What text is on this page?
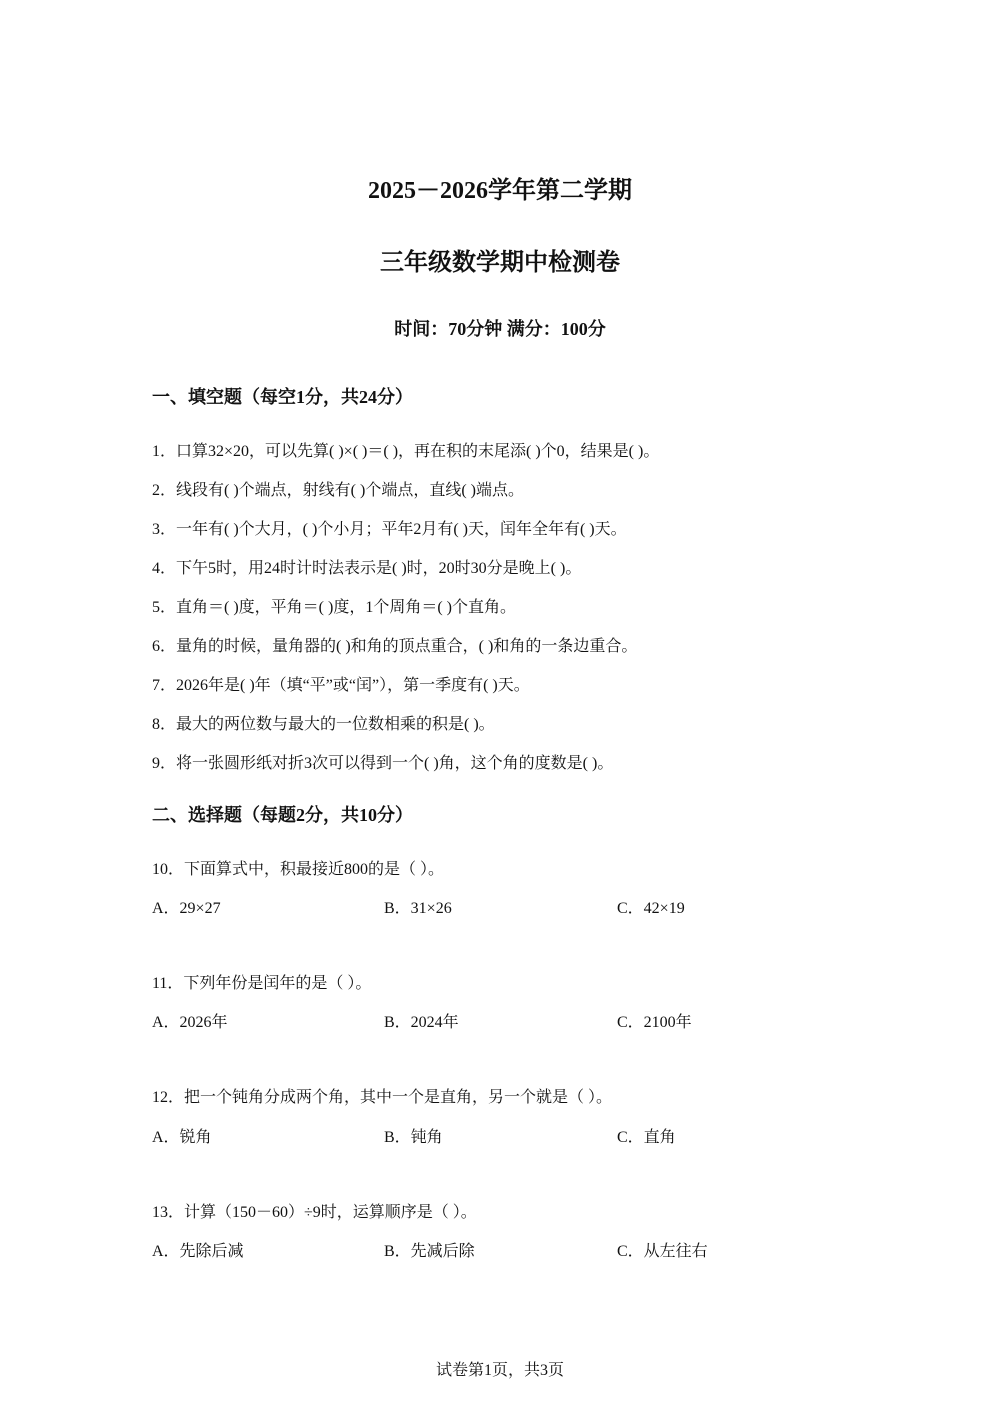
2025－2026学年第二学期
三年级数学期中检测卷
时间：70分钟 满分：100分
一、填空题（每空1分，共24分）
1．口算32×20，可以先算( )×( )＝( )，再在积的末尾添( )个0，结果是( )。
2．线段有( )个端点，射线有( )个端点，直线( )端点。
3．一年有( )个大月，( )个小月；平年2月有( )天，闰年全年有( )天。
4．下午5时，用24时计时法表示是( )时，20时30分是晚上( )。
5．直角＝( )度，平角＝( )度，1个周角＝( )个直角。
6．量角的时候，量角器的( )和角的顶点重合，( )和角的一条边重合。
7．2026年是( )年（填“平”或“闰”），第一季度有( )天。
8．最大的两位数与最大的一位数相乘的积是( )。
9．将一张圆形纸对折3次可以得到一个( )角，这个角的度数是( )。
二、选择题（每题2分，共10分）
10．下面算式中，积最接近800的是（ ）。
A．29×27	B．31×26	C．42×19
11．下列年份是闰年的是（ ）。
A．2026年	B．2024年	C．2100年
12．把一个钝角分成两个角，其中一个是直角，另一个就是（ ）。
A．锐角	B．钝角	C．直角
13．计算（150－60）÷9时，运算顺序是（ ）。
A．先除后减	B．先减后除	C．从左往右
试卷第1页，共3页
